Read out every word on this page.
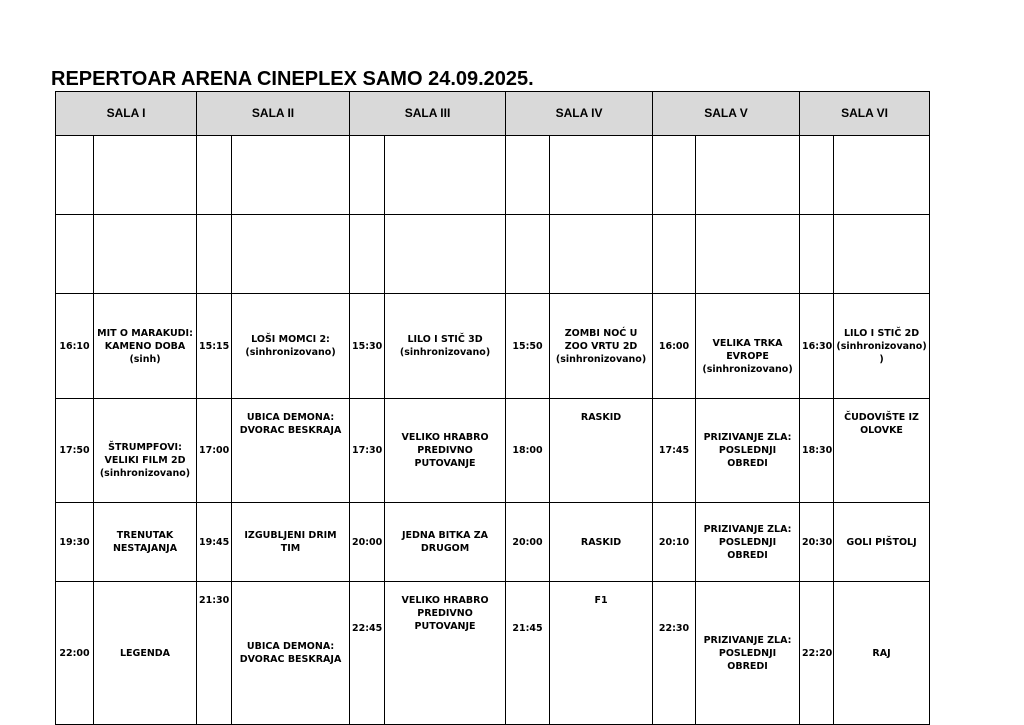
REPERTOAR ARENA CINEPLEX SAMO 24.09.2025.
SALA I		SALA II		SALA III		SALA IV		SALA V		SALA VI	

16:10	MIT O MARAKUDI: KAMENO DOBA (sinh)	15:15	LOŠI MOMCI 2: (sinhronizovano)	15:30	LILO I STIČ 3D (sinhronizovano)	15:50	ZOMBI NOĆ U ZOO VRTU 2D (sinhronizovano)	16:00	VELIKA TRKA EVROPE (sinhronizovano)	16:30	LILO I STIČ 2D (sinhronizovano) )
17:50	ŠTRUMPFOVI: VELIKI FILM 2D (sinhronizovano)	17:00	UBICA DEMONA: DVORAC BESKRAJA	17:30	VELIKO HRABRO PREDIVNO PUTOVANJE	18:00	RASKID	17:45	PRIZIVANJE ZLA: POSLEDNJI OBREDI	18:30	ČUDOVIŠTE IZ OLOVKE
19:30	TRENUTAK NESTAJANJA	19:45	IZGUBLJENI DRIM TIM	20:00	JEDNA BITKA ZA DRUGOM	20:00	RASKID	20:10	PRIZIVANJE ZLA: POSLEDNJI OBREDI	20:30	GOLI PIŠTOLJ
22:00	LEGENDA	21:30	UBICA DEMONA: DVORAC BESKRAJA	22:45	VELIKO HRABRO PREDIVNO PUTOVANJE	21:45	F1	22:30	PRIZIVANJE ZLA: POSLEDNJI OBREDI	22:20	RAJ
